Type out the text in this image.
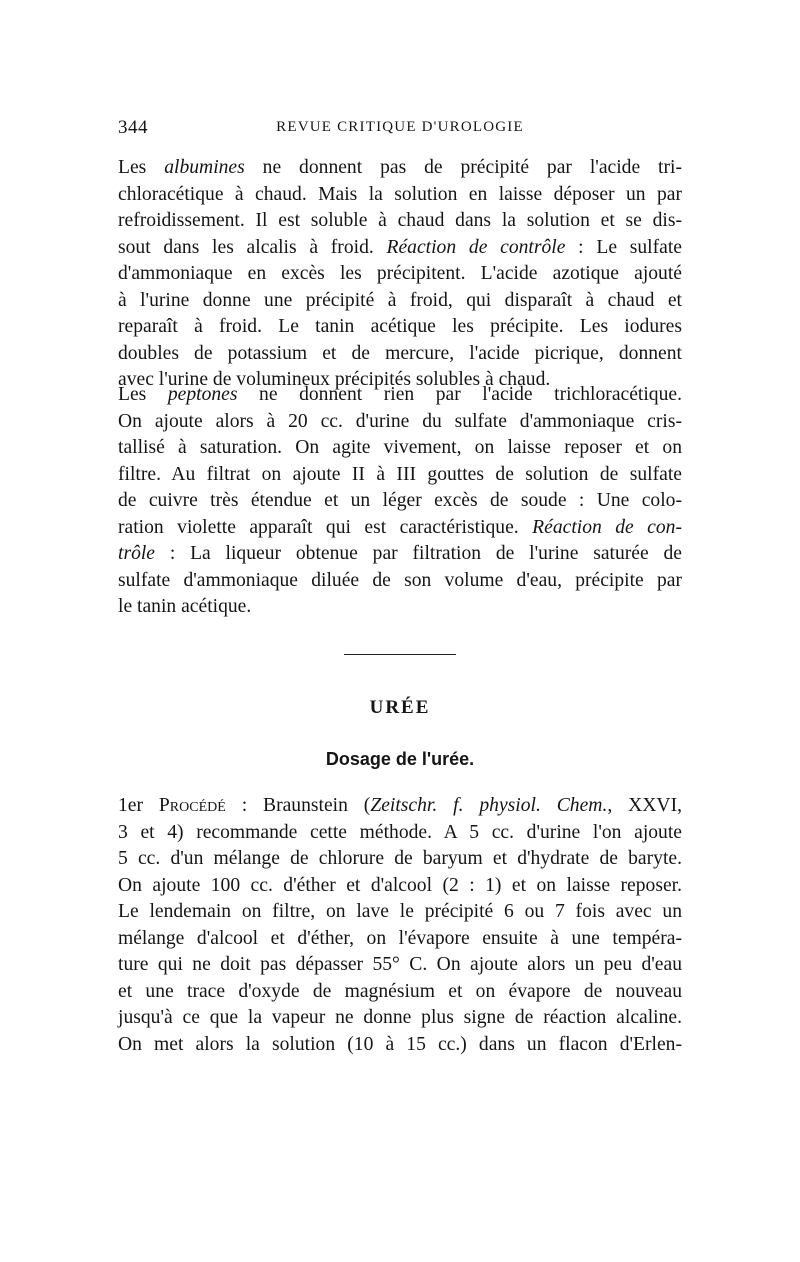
344	REVUE CRITIQUE D'UROLOGIE
Les albumines ne donnent pas de précipité par l'acide tri-
chloracétique à chaud. Mais la solution en laisse déposer un par
refroidissement. Il est soluble à chaud dans la solution et se dis-
sout dans les alcalis à froid. Réaction de contrôle : Le sulfate
d'ammoniaque en excès les précipitent. L'acide azotique ajouté
à l'urine donne une précipité à froid, qui disparaît à chaud et
reparaît à froid. Le tanin acétique les précipite. Les iodures
doubles de potassium et de mercure, l'acide picrique, donnent
avec l'urine de volumineux précipités solubles à chaud.
Les peptones ne donnent rien par l'acide trichloracétique.
On ajoute alors à 20 cc. d'urine du sulfate d'ammoniaque cris-
tallisé à saturation. On agite vivement, on laisse reposer et on
filtre. Au filtrat on ajoute II à III gouttes de solution de sulfate
de cuivre très étendue et un léger excès de soude : Une colo-
ration violette apparaît qui est caractéristique. Réaction de con-
trôle : La liqueur obtenue par filtration de l'urine saturée de
sulfate d'ammoniaque diluée de son volume d'eau, précipite par
le tanin acétique.
URÉE
Dosage de l'urée.
1er Procédé : Braunstein (Zeitschr. f. physiol. Chem., XXVI,
3 et 4) recommande cette méthode. A 5 cc. d'urine l'on ajoute
5 cc. d'un mélange de chlorure de baryum et d'hydrate de baryte.
On ajoute 100 cc. d'éther et d'alcool (2 : 1) et on laisse reposer.
Le lendemain on filtre, on lave le précipité 6 ou 7 fois avec un
mélange d'alcool et d'éther, on l'évapore ensuite à une tempéra-
ture qui ne doit pas dépasser 55° C. On ajoute alors un peu d'eau
et une trace d'oxyde de magnésium et on évapore de nouveau
jusqu'à ce que la vapeur ne donne plus signe de réaction alcaline.
On met alors la solution (10 à 15 cc.) dans un flacon d'Erlen-
